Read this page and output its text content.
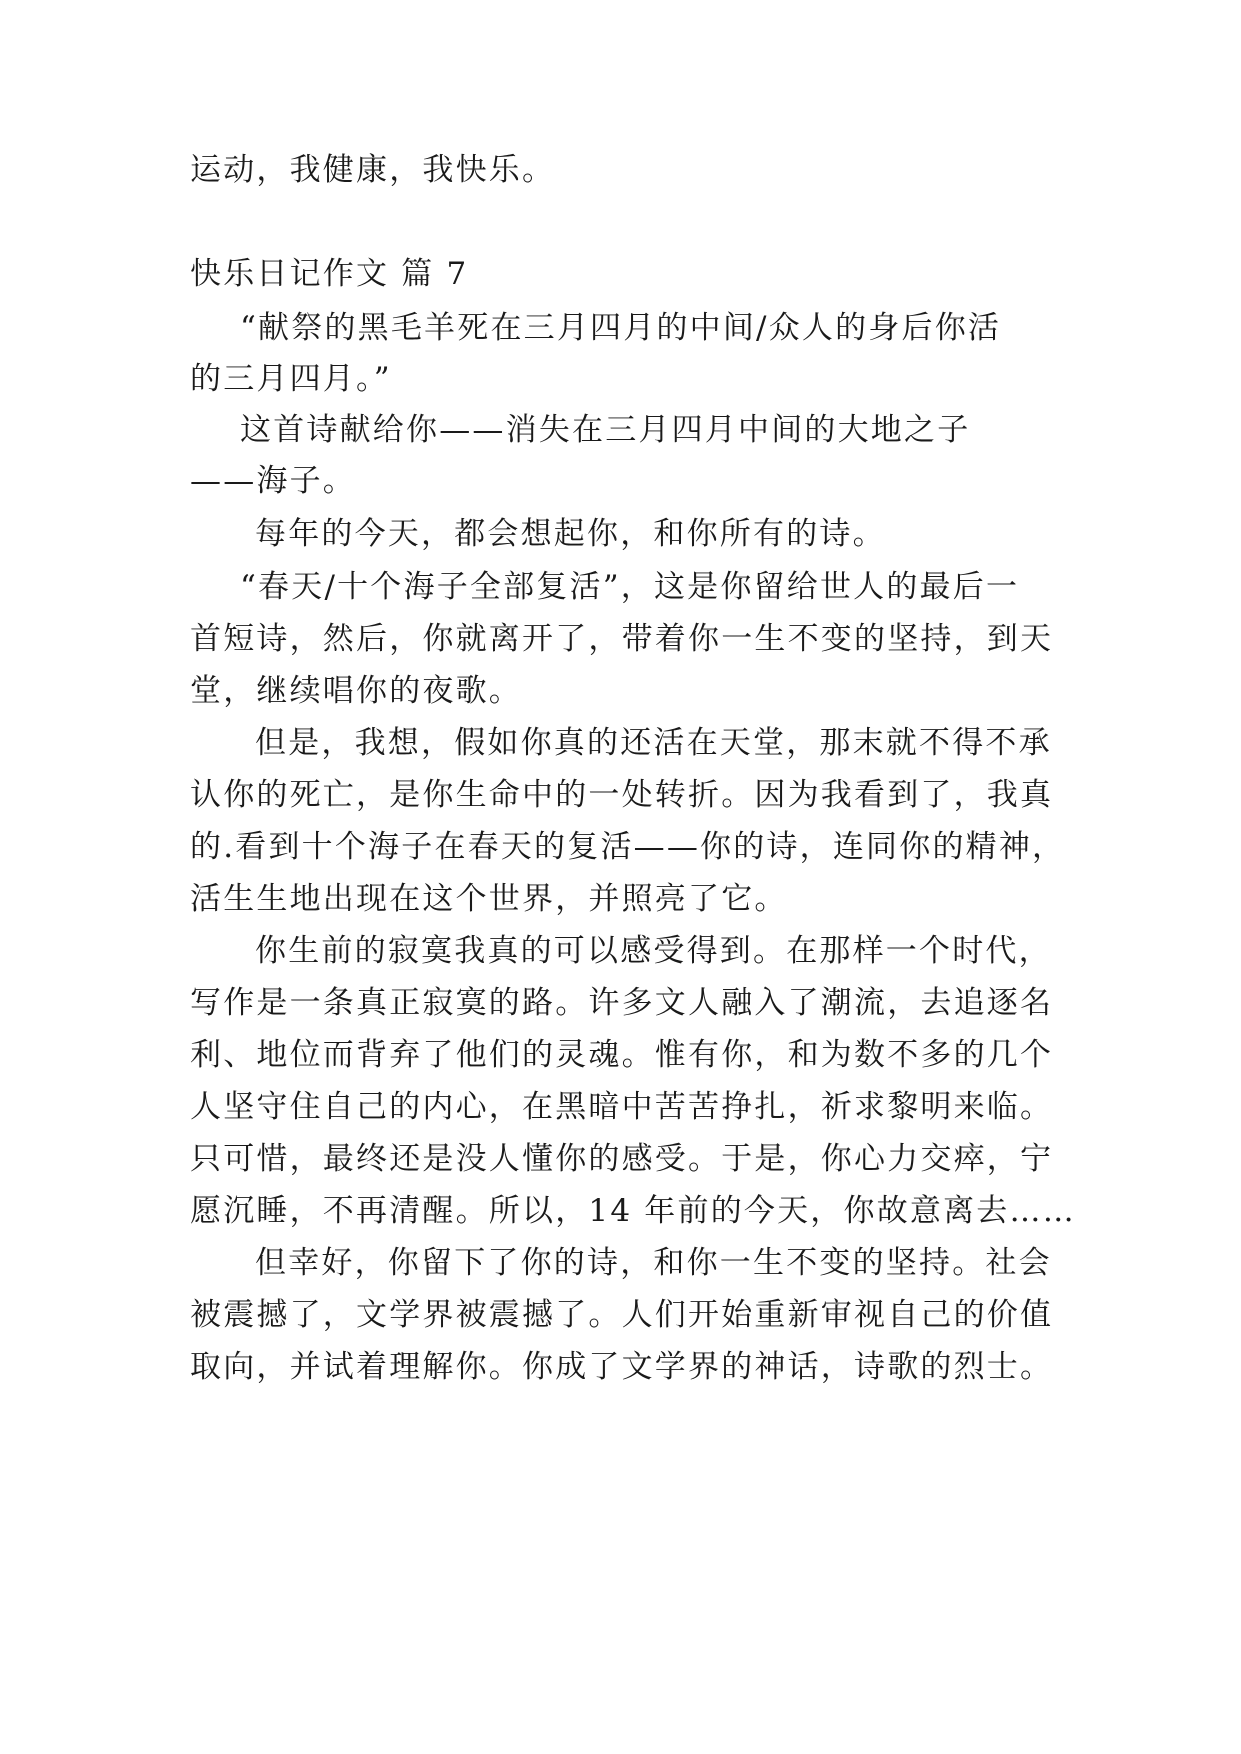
运动，我健康，我快乐。
快乐日记作文 篇 7
“献祭的黑毛羊死在三月四月的中间/众人的身后你活
的三月四月。”
这首诗献给你——消失在三月四月中间的大地之子
——海子。
每年的今天，都会想起你，和你所有的诗。
“春天/十个海子全部复活”，这是你留给世人的最后一
首短诗，然后，你就离开了，带着你一生不变的坚持，到天
堂，继续唱你的夜歌。
但是，我想，假如你真的还活在天堂，那末就不得不承
认你的死亡，是你生命中的一处转折。因为我看到了，我真
的.看到十个海子在春天的复活——你的诗，连同你的精神，
活生生地出现在这个世界，并照亮了它。
你生前的寂寞我真的可以感受得到。在那样一个时代，
写作是一条真正寂寞的路。许多文人融入了潮流，去追逐名
利、地位而背弃了他们的灵魂。惟有你，和为数不多的几个
人坚守住自己的内心，在黑暗中苦苦挣扎，祈求黎明来临。
只可惜，最终还是没人懂你的感受。于是，你心力交瘁，宁
愿沉睡，不再清醒。所以，14 年前的今天，你故意离去……
但幸好，你留下了你的诗，和你一生不变的坚持。社会
被震撼了，文学界被震撼了。人们开始重新审视自己的价值
取向，并试着理解你。你成了文学界的神话，诗歌的烈士。
